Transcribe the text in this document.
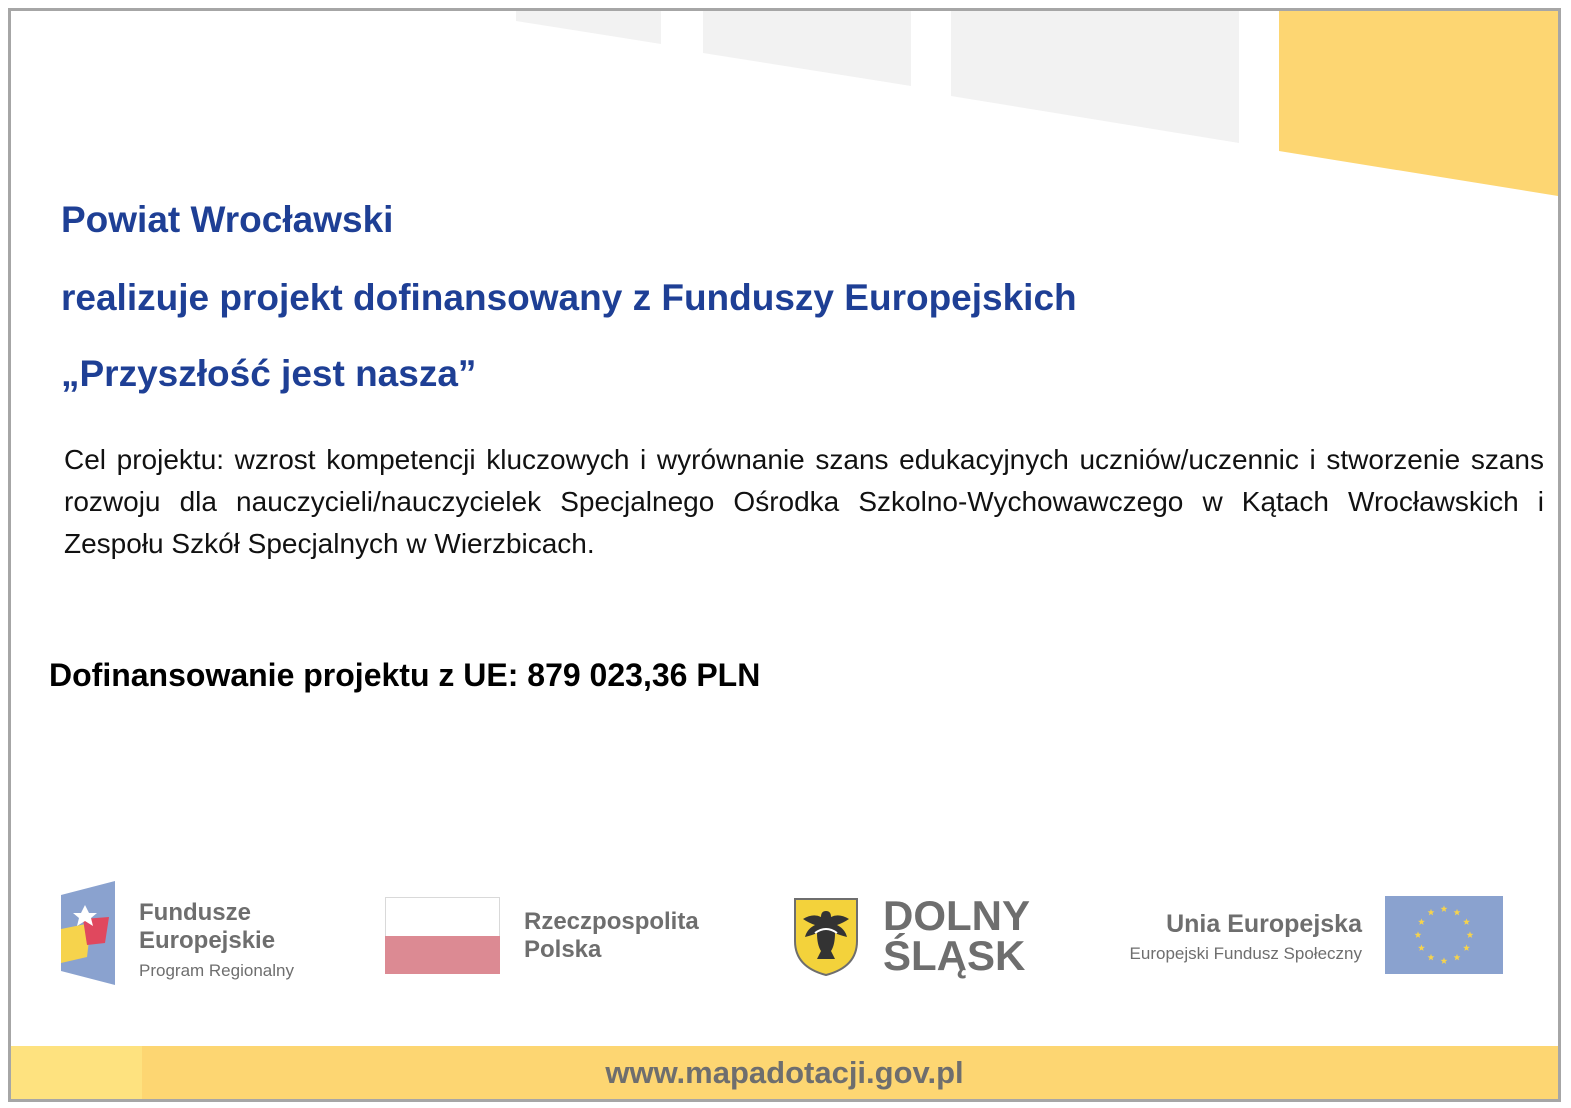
Powiat Wrocławski
realizuje projekt dofinansowany z Funduszy Europejskich
„Przyszłość jest nasza”

Cel projektu: wzrost kompetencji kluczowych i wyrównanie szans edukacyjnych uczniów/uczennic i stworzenie szans rozwoju dla nauczycieli/nauczycielek Specjalnego Ośrodka Szkolno-Wychowawczego w Kątach Wrocławskich i Zespołu Szkół Specjalnych w Wierzbicach.

Dofinansowanie projektu z UE: 879 023,36 PLN

Fundusze
Europejskie
Program Regionalny
Rzeczpospolita
Polska
DOLNY
ŚLĄSK
Unia Europejska
Europejski Fundusz Społeczny
www.mapadotacji.gov.pl
